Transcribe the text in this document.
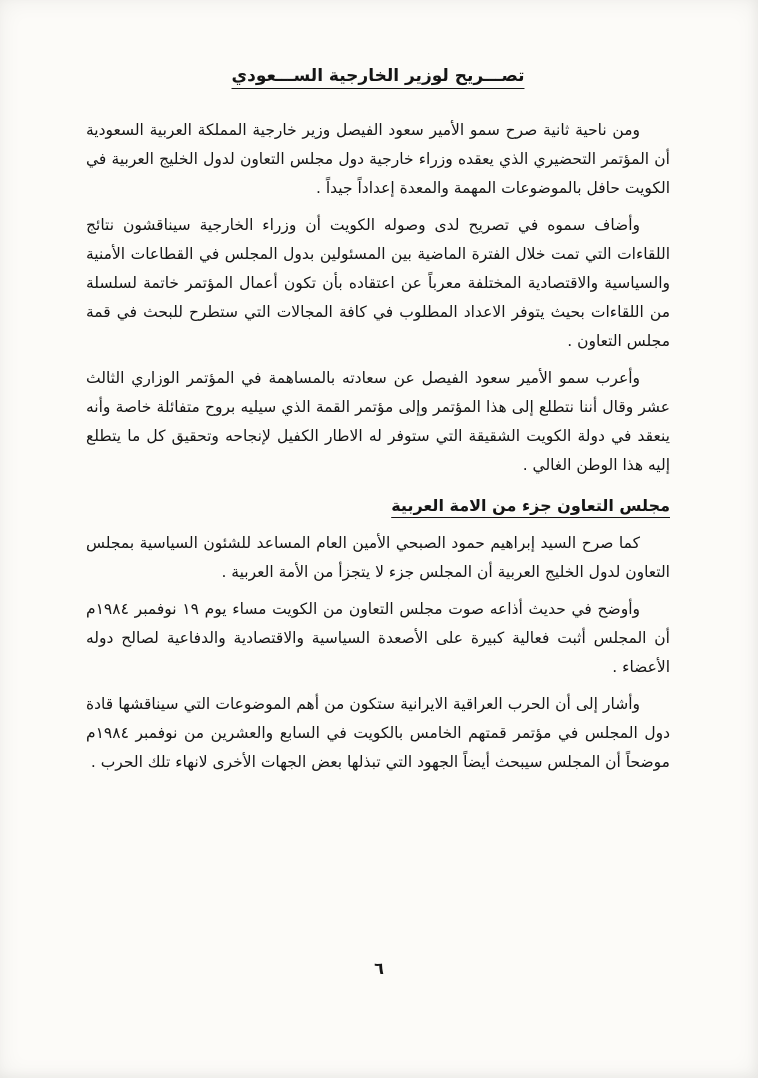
تصـــريح لوزير الخارجية الســـعودي

ومن ناحية ثانية صرح سمو الأمير سعود الفيصل وزير خارجية المملكة العربية السعودية أن المؤتمر التحضيري الذي يعقده وزراء خارجية دول مجلس التعاون لدول الخليج العربية في الكويت حافل بالموضوعات المهمة والمعدة إعداداً جيداً .

وأضاف سموه في تصريح لدى وصوله الكويت أن وزراء الخارجية سيناقشون نتائج اللقاءات التي تمت خلال الفترة الماضية بين المسئولين بدول المجلس في القطاعات الأمنية والسياسية والاقتصادية المختلفة معرباً عن اعتقاده بأن تكون أعمال المؤتمر خاتمة لسلسلة من اللقاءات بحيث يتوفر الاعداد المطلوب في كافة المجالات التي ستطرح للبحث في قمة مجلس التعاون .

وأعرب سمو الأمير سعود الفيصل عن سعادته بالمساهمة في المؤتمر الوزاري الثالث عشر وقال أننا نتطلع إلى هذا المؤتمر وإلى مؤتمر القمة الذي سيليه بروح متفائلة خاصة وأنه ينعقد في دولة الكويت الشقيقة التي ستوفر له الاطار الكفيل لإنجاحه وتحقيق كل ما يتطلع إليه هذا الوطن الغالي .

مجلس التعاون جزء من الامة العربية

كما صرح السيد إبراهيم حمود الصبحي الأمين العام المساعد للشئون السياسية بمجلس التعاون لدول الخليج العربية أن المجلس جزء لا يتجزأ من الأمة العربية .

وأوضح في حديث أذاعه صوت مجلس التعاون من الكويت مساء يوم ١٩ نوفمبر ١٩٨٤م أن المجلس أثبت فعالية كبيرة على الأصعدة السياسية والاقتصادية والدفاعية لصالح دوله الأعضاء .

وأشار إلى أن الحرب العراقية الايرانية ستكون من أهم الموضوعات التي سيناقشها قادة دول المجلس في مؤتمر قمتهم الخامس بالكويت في السابع والعشرين من نوفمبر ١٩٨٤م موضحاً أن المجلس سيبحث أيضاً الجهود التي تبذلها بعض الجهات الأخرى لانهاء تلك الحرب .

٦
